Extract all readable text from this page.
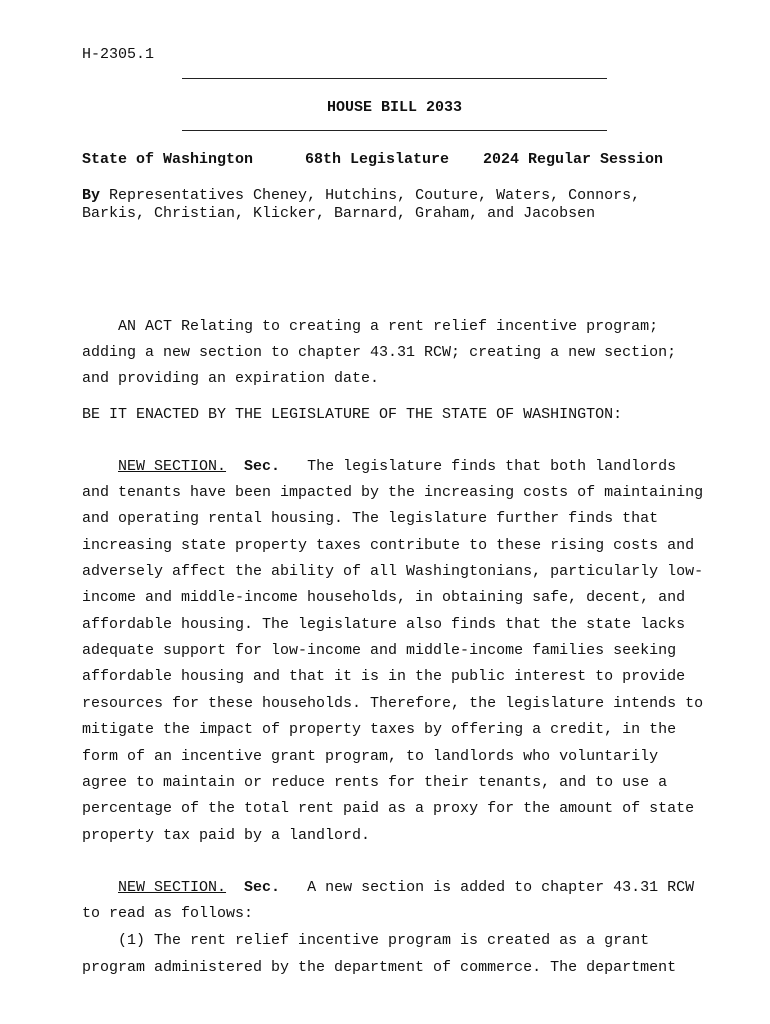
H-2305.1
HOUSE BILL 2033
State of Washington	68th Legislature 2024 Regular Session
By Representatives Cheney, Hutchins, Couture, Waters, Connors,
Barkis, Christian, Klicker, Barnard, Graham, and Jacobsen
AN ACT Relating to creating a rent relief incentive program;
adding a new section to chapter 43.31 RCW; creating a new section;
and providing an expiration date.
BE IT ENACTED BY THE LEGISLATURE OF THE STATE OF WASHINGTON:
NEW SECTION. Sec. The legislature finds that both landlords
and tenants have been impacted by the increasing costs of maintaining
and operating rental housing. The legislature further finds that
increasing state property taxes contribute to these rising costs and
adversely affect the ability of all Washingtonians, particularly low-
income and middle-income households, in obtaining safe, decent, and
affordable housing. The legislature also finds that the state lacks
adequate support for low-income and middle-income families seeking
affordable housing and that it is in the public interest to provide
resources for these households. Therefore, the legislature intends to
mitigate the impact of property taxes by offering a credit, in the
form of an incentive grant program, to landlords who voluntarily
agree to maintain or reduce rents for their tenants, and to use a
percentage of the total rent paid as a proxy for the amount of state
property tax paid by a landlord.
NEW SECTION. Sec. A new section is added to chapter 43.31 RCW
to read as follows:
(1) The rent relief incentive program is created as a grant
program administered by the department of commerce. The department
